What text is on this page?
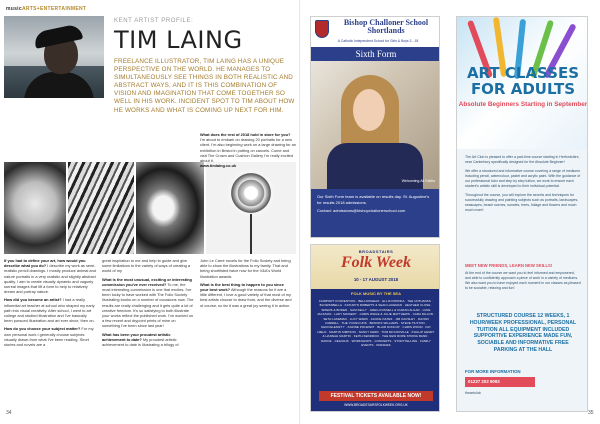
musicARTS+ENTERTAINMENT
KENT ARTIST PROFILE:
TIM LAING

FREELANCE ILLUSTRATOR, TIM LAING HAS A UNIQUE PERSPECTIVE ON THE WORLD. HE MANAGES TO SIMULTANEOUSLY SEE THINGS IN BOTH REALISTIC AND ABSTRACT WAYS, AND IT IS THIS COMBINATION OF VISION AND IMAGINATION THAT COME TOGETHER SO WELL IN HIS WORK. INCIDENT SPOT TO TIM ABOUT HOW HE WORKS AND WHAT IS COMING UP NEXT FOR HIM.

If you had to define your art, how would you describe what you do? I describe my work as semi-realistic pencil drawings. I mostly produce animal and nature portraits in a very realistic and slightly abstract quality. I aim to create visually dynamic and vaguely surreal images that lift a form to help to relatively dream and portray nature.

How did you become an artist? I had a really influential art teacher at school who shaped my early path into visual creativity. After school, I went to art college and studied illustration and I've basically been pursued illustration and art ever since, then on.

How do you choose your subject matter? For my own personal work I generally choose subjects visually drawn from what I've been reading. Short stories and novels are a

great inspiration to me and help to guide and give some limitations to the variety of ways of creating a world of my

What is the most unusual, exciting or interesting commission you've ever received? To me, the most interesting commission is one that excites. I've been lucky to have worked with The Folio Society illustrating books on a number of occasions now. The results are really challenging and it gets quite a lot of creative freedom. It's so satisfying to both illustrate your works reflect the published work. I've worked on a few recent and drypoint prints of mine on something I've been since last year!

What has been your proudest artistic achievement to date? My proudest artistic achievement to date is illustrating a trilogy of

John Le Carré novels for the Folio Society and being able to show the illustrations to my family. That and being shortlisted twice now for the V&A's World Illustration awards.

What is the best thing to happen to you since your best work? Although the reasons for it are a little different, I love a good variety of that most of my best artists choose to draw from, and the diverse and of course, so far it was a great joy seeing it in action.

What does the rest of 2018 hold in store for you?

I'm about to embark on drawing 20 portraits for a new client. I'm also beginning work on a large drawing for an exhibition in Bristol in putting on cancels. Come and visit The Crown and Cushion Gallery I'm really excited about it.

www.timlaing.co.uk

34
Bishop Challoner School
Shortlands
A Catholic Independent School for Girls & Boys 3 - 18
Sixth Form
Welcoming All Faiths

Our Sixth Form team is available on results day. St. Augustine's for results 2018 admissions.

Contact: admissions@bishopchallonerschool.com

BROADSTAIRS
Folk Week
10 - 17 AUGUST 2018
FOLK MUSIC BY THE SEA
FAIRPORT CONVENTION · BELLOWHEAD · ELLIS PAPRIKA · THE UNTHANKS · BLOWZABELLA · KATHRYN ROBERTS & SEAN LAKEMAN · HEATHER CLOSE · SPIERS & BODEN · SAM KELLY · GREG RUSSELL & CIARAN ALGAR · LUKE JACKSON · LADY MAISERY · CHRIS WHILE & JULIE MATTHEWS · CARA DILLON · SETH LAKEMAN · LUCY WARD · JACKIE OATES · JIM CAUSLEY · DAOIRI FARRELL · THE YOUNG'UNS · BROOKS WILLIAMS · STEVE TILSTON · SHOOGLENIFTY · KARINE POLWART · BLAIR DUNLOP · CHRIS WOOD · FAY HIELD · MARTIN SIMPSON · NANCY KERR · TOM MCCONVILLE · PHILLIP HENRY & HANNAH MARTIN · KEITH KENDRICK · THE NEW ROPE STRING BAND · DANCE · CEILIDHS · WORKSHOPS · CONCERTS · STORYTELLING · FAMILY EVENTS · PARADES
FESTIVAL TICKETS AVAILABLE NOW!
WWW.BROADSTAIRSFOLKWEEK.ORG.UK
ART CLASSES FOR ADULTS
Absolute Beginners Starting in September

The Art Club is pleased to offer a part-time course starting in Herfordshire, near Canterbury specifically designed for the Absolute Beginner!

We offer a structured and informative course covering a range of mediums including pencil, watercolour, pastel and acrylic paint. With the guidance of our professional tutor and step by step tuition, we work to ensure each student's artistic skill is developed to their individual potential.

Throughout the course, you will explore the secrets and techniques for successfully drawing and painting subjects such as portraits, landscapes, seascapes, beach scenes, sunsets, trees, foliage and flowers and much much more!

MEET NEW FRIENDS, LEARN NEW SKILLS!
At the end of the course we want you to feel informed and empowered, and able to confidently approach a piece of work in a variety of mediums. We also want you to have enjoyed each moment in our classes as pleased to be sociable, relaxing and fun!
STRUCTURED COURSE 12 WEEKS, 1 HOUR/WEEK PROFESSIONAL, PERSONAL TUITION ALL EQUIPMENT INCLUDED SUPPORTIVE EXPERIENCE MADE FUN, SOCIABLE AND INFORMATIVE FREE PARKING AT THE HALL
FOR MORE INFORMATION
01227 202 9093
theartclub
35
